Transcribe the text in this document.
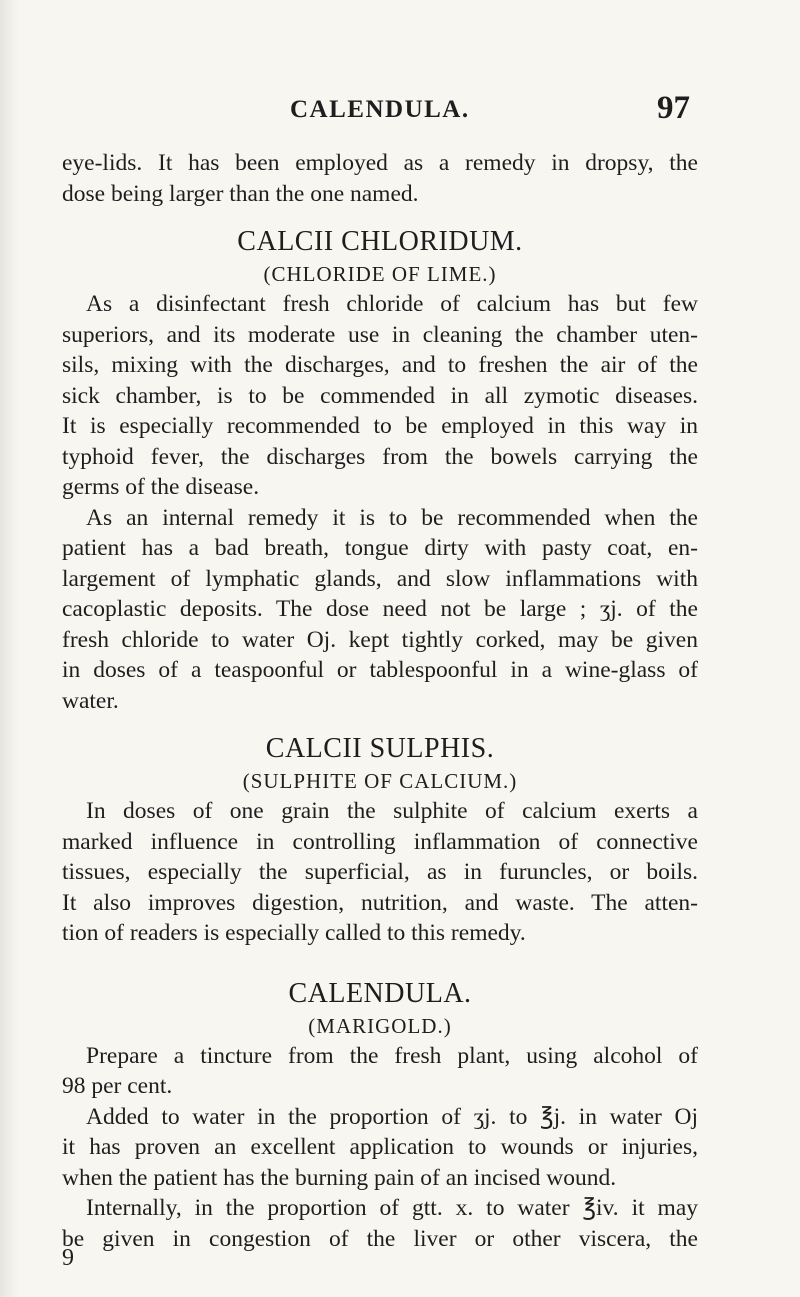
CALENDULA.	97
eye-lids. It has been employed as a remedy in dropsy, the
dose being larger than the one named.
CALCII CHLORIDUM.
(CHLORIDE OF LIME.)
As a disinfectant fresh chloride of calcium has but few
superiors, and its moderate use in cleaning the chamber uten-
sils, mixing with the discharges, and to freshen the air of the
sick chamber, is to be commended in all zymotic diseases.
It is especially recommended to be employed in this way in
typhoid fever, the discharges from the bowels carrying the
germs of the disease.
As an internal remedy it is to be recommended when the
patient has a bad breath, tongue dirty with pasty coat, en-
largement of lymphatic glands, and slow inflammations with
cacoplastic deposits. The dose need not be large ; ʒj. of the
fresh chloride to water Oj. kept tightly corked, may be given
in doses of a teaspoonful or tablespoonful in a wine-glass of
water.
CALCII SULPHIS.
(SULPHITE OF CALCIUM.)
In doses of one grain the sulphite of calcium exerts a
marked influence in controlling inflammation of connective
tissues, especially the superficial, as in furuncles, or boils.
It also improves digestion, nutrition, and waste. The atten-
tion of readers is especially called to this remedy.
CALENDULA.
(MARIGOLD.)
Prepare a tincture from the fresh plant, using alcohol of
98 per cent.
Added to water in the proportion of ʒj. to ℥j. in water Oj
it has proven an excellent application to wounds or injuries,
when the patient has the burning pain of an incised wound.
Internally, in the proportion of gtt. x. to water ℥iv. it may
be given in congestion of the liver or other viscera, the
9
